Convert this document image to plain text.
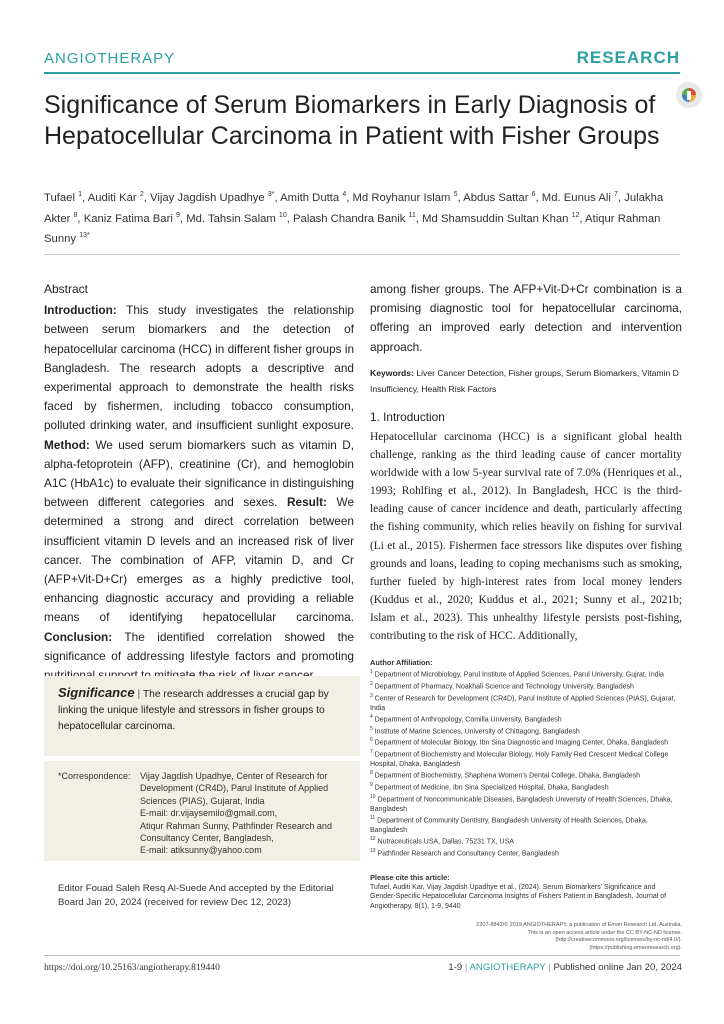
ANGIOTHERAPY	RESEARCH
Significance of Serum Biomarkers in Early Diagnosis of Hepatocellular Carcinoma in Patient with Fisher Groups
Tufael $^1$, Auditi Kar $^2$, Vijay Jagdish Upadhye $^{3*}$, Amith Dutta $^4$, Md Royhanur Islam $^5$, Abdus Sattar $^6$, Md. Eunus Ali $^7$, Julakha Akter $^8$, Kaniz Fatima Bari $^9$, Md. Tahsin Salam $^{10}$, Palash Chandra Banik $^{11}$, Md Shamsuddin Sultan Khan $^{12}$, Atiqur Rahman Sunny $^{13*}$
Abstract

Introduction: This study investigates the relationship between serum biomarkers and the detection of hepatocellular carcinoma (HCC) in different fisher groups in Bangladesh. The research adopts a descriptive and experimental approach to demonstrate the health risks faced by fishermen, including tobacco consumption, polluted drinking water, and insufficient sunlight exposure. Method: We used serum biomarkers such as vitamin D, alpha-fetoprotein (AFP), creatinine (Cr), and hemoglobin A1C (HbA1c) to evaluate their significance in distinguishing between different categories and sexes. Result: We determined a strong and direct correlation between insufficient vitamin D levels and an increased risk of liver cancer. The combination of AFP, vitamin D, and Cr (AFP+Vit-D+Cr) emerges as a highly predictive tool, enhancing diagnostic accuracy and providing a reliable means of identifying hepatocellular carcinoma. Conclusion: The identified correlation showed the significance of addressing lifestyle factors and promoting

Significance | The research addresses a crucial gap by linking the unique lifestyle and stressors in fisher groups to hepatocellular carcinoma.
*Correspondence:	Vijay Jagdish Upadhye, Center of Research for Development (CR4D), Parul Institute of Applied Sciences (PIAS), Gujarat, India
E-mail: dr.vijaysemilo@gmail.com,
Atiqur Rahman Sunny, Pathfinder Research and Consultancy Center, Bangladesh,
E-mail: atiksunny@yahoo.com
Editor Fouad Saleh Resq Al-Suede And accepted by the Editorial Board Jan 20, 2024 (received for review Dec 12, 2023)

among fisher groups. The AFP+Vit-D+Cr combination is a promising diagnostic tool for hepatocellular carcinoma, offering an improved early detection and intervention approach.

Keywords: Liver Cancer Detection, Fisher groups, Serum Biomarkers, Vitamin D Insufficiency, Health Risk Factors

1. Introduction
Hepatocellular carcinoma (HCC) is a significant global health challenge, ranking as the third leading cause of cancer mortality worldwide with a low 5-year survival rate of 7.0% (Henriques et al., 1993; Rohlfing et al., 2012). In Bangladesh, HCC is the third-leading cause of cancer incidence and death, particularly affecting the fishing community, which relies heavily on fishing for survival (Li et al., 2015). Fishermen face stressors like disputes over fishing grounds and loans, leading to coping mechanisms such as smoking, further fueled by high-interest rates from local money lenders (Kuddus et al., 2020; Kuddus et al., 2021; Sunny et al., 2021b; Islam et al., 2023). This unhealthy lifestyle persists post-fishing, contributing to the risk of HCC. Additionally,
Author Affiliation:
$^1$ Department of Microbiology, Parul Institute of Applied Sciences, Parul University, Gujrat, India
$^2$ Department of Pharmacy, Noakhali Science and Technology University, Bangladesh
$^3$ Center of Research for Development (CR4D), Parul Institute of Applied Sciences (PIAS), Gujarat, India
$^4$ Department of Anthropology, Comilla University, Bangladesh
$^5$ Institute of Marine Sciences, University of Chittagong, Bangladesh
$^6$ Department of Molecular Biology, Ibn Sina Diagnostic and Imaging Center, Dhaka, Bangladesh
$^7$ Department of Biochemistry and Molecular Biology, Holy Family Red Crescent Medical College Hospital, Dhaka, Bangladesh
$^8$ Department of Biochemistry, Shaphena Women's Dental College, Dhaka, Bangladesh
$^9$ Department of Medicine, Ibn Sina Specialized Hospital, Dhaka, Bangladesh
$^{10}$ Department of Noncommunicable Diseases, Bangladesh University of Health Sciences, Dhaka, Bangladesh
$^{11}$ Department of Community Dentistry, Bangladesh University of Health Sciences, Dhaka, Bangladesh
$^{12}$ Nutraceuticals USA, Dallas, 75231 TX, USA
$^{13}$ Pathfinder Research and Consultancy Center, Bangladesh
Please cite this article:
Tufael, Auditi Kar, Vijay Jagdish Upadhye et al., (2024). Serum Biomarkers' Significance and Gender-Specific Hepatocellular Carcinoma Insights of Fishers Patient in Bangladesh, Journal of Angiotherapy, 8(1), 1-9, 9440
2207-8843/© 2019 ANGIOTHERAPY, a publication of Eman Research Ltd, Australia.
This is an open access article under the CC BY-NC-ND license.
(http://creativecommons.org/licenses/by-nc-nd/4.0/).
(https://publishing.emanresearch.org).
https://doi.org/10.25163/angiotherapy.819440	1-9 | ANGIOTHERAPY | Published online Jan 20, 2024
